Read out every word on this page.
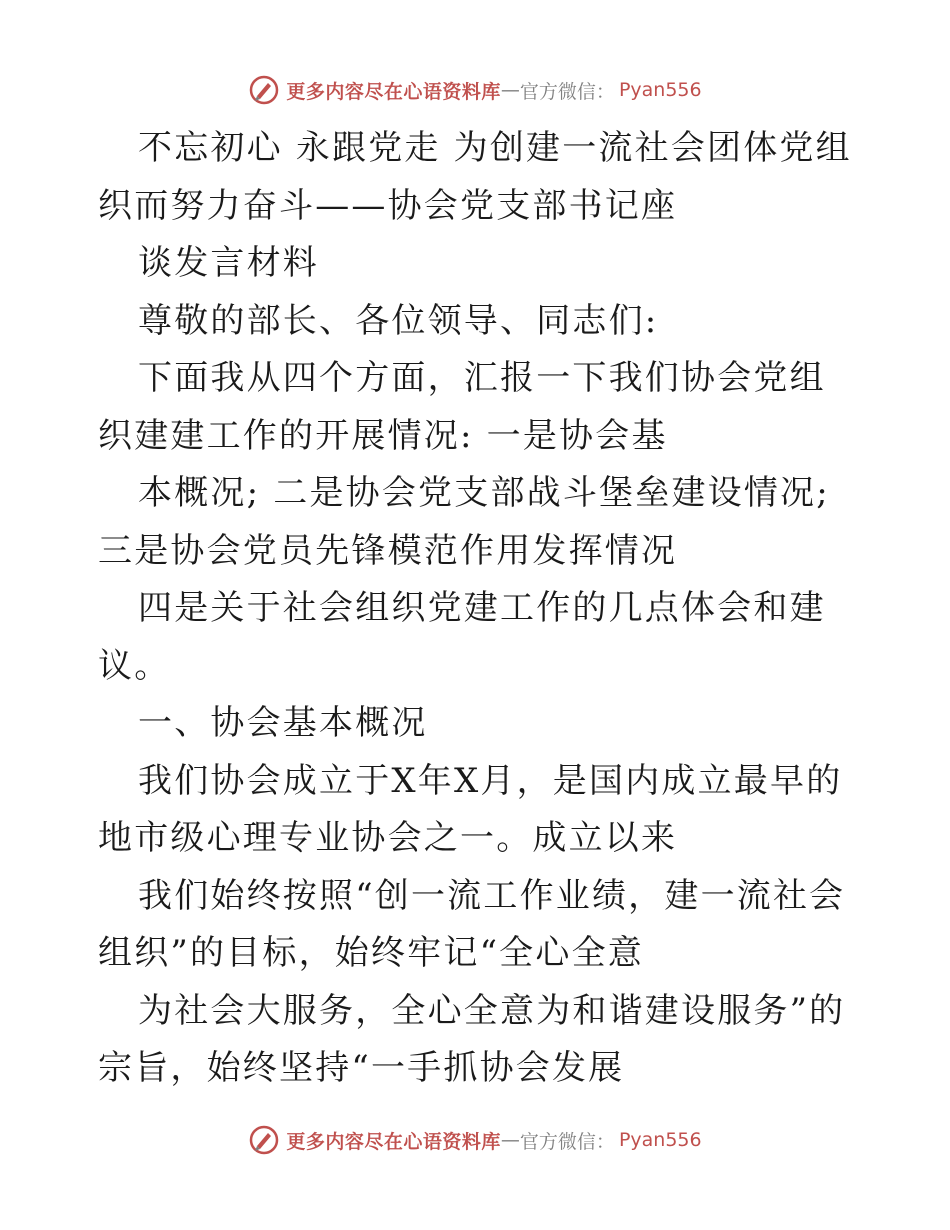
更多内容尽在心语资料库 — 官方微信： Pyan556

不忘初心 永跟党走 为创建一流社会团体党组织而努力奋斗——协会党支部书记座

谈发言材料

尊敬的部长、各位领导、同志们:

下面我从四个方面，汇报一下我们协会党组织建建工作的开展情况: 一是协会基

本概况; 二是协会党支部战斗堡垒建设情况; 三是协会党员先锋模范作用发挥情况

四是关于社会组织党建工作的几点体会和建议。

一、协会基本概况

我们协会成立于X年X月，是国内成立最早的地市级心理专业协会之一。成立以来

我们始终按照“创一流工作业绩，建一流社会组织”的目标，始终牢记“全心全意

为社会大服务，全心全意为和谐建设服务”的宗旨，始终坚持“一手抓协会发展

更多内容尽在心语资料库 — 官方微信： Pyan556
